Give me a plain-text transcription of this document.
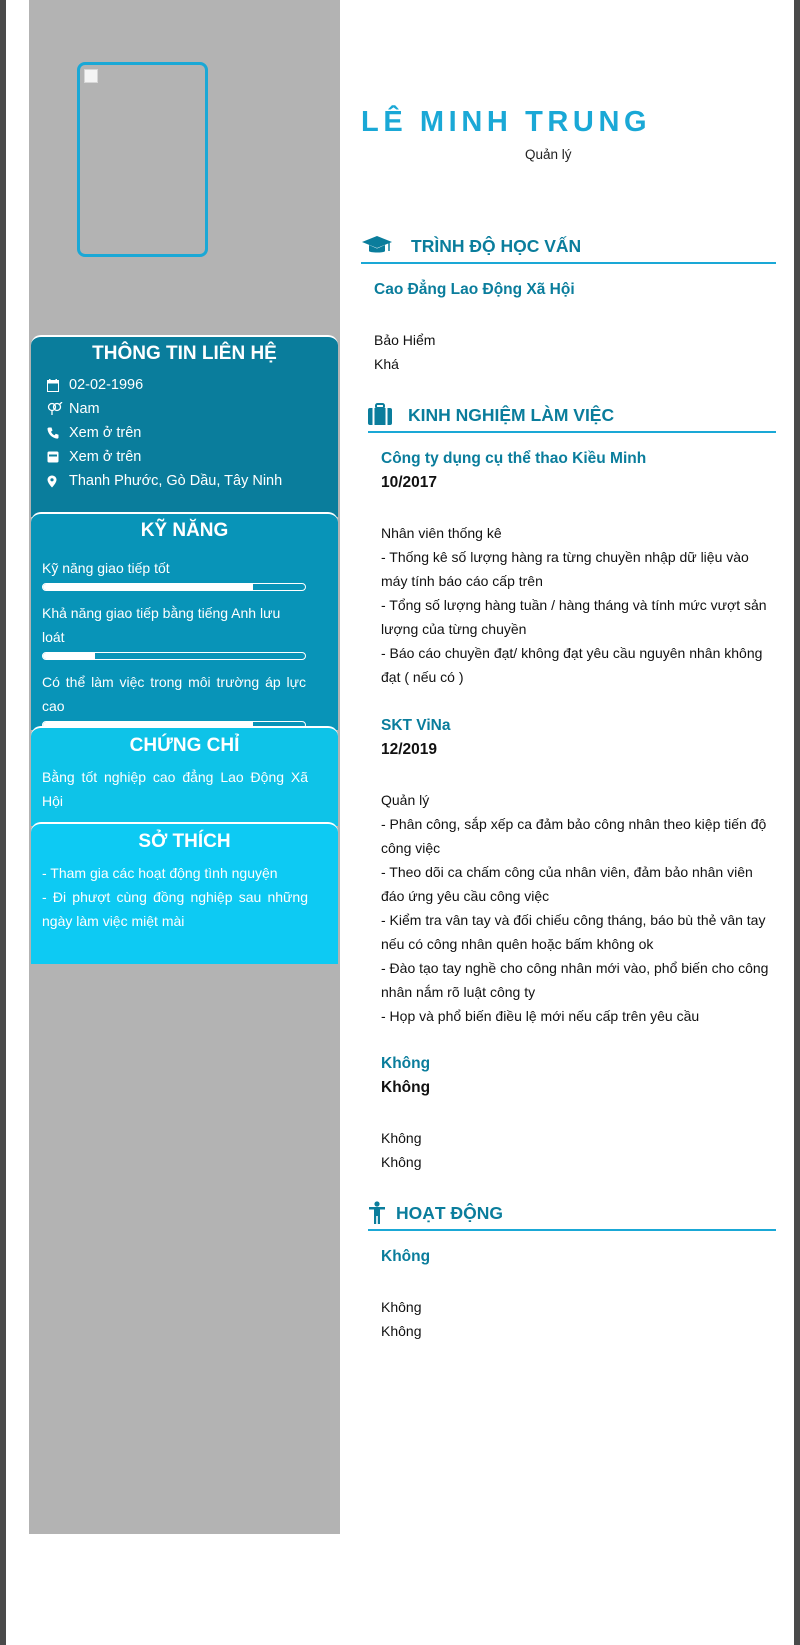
THÔNG TIN LIÊN HỆ
02-02-1996
Nam
Xem ở trên
Xem ở trên
Thanh Phước, Gò Dầu, Tây Ninh
KỸ NĂNG
Kỹ năng giao tiếp tốt
Khả năng giao tiếp bằng tiếng Anh lưu loát
Có thể làm việc trong môi trường áp lực cao
CHỨNG CHỈ
Bằng tốt nghiệp cao đẳng Lao Động Xã Hội
SỞ THÍCH
- Tham gia các hoạt động tình nguyện
- Đi phượt cùng đồng nghiệp sau những ngày làm việc miệt mài
LÊ MINH TRUNG
Quản lý
TRÌNH ĐỘ HỌC VẤN
Cao Đẳng Lao Động Xã Hội
Bảo Hiểm
Khá
KINH NGHIỆM LÀM VIỆC
Công ty dụng cụ thể thao Kiều Minh
10/2017
Nhân viên thống kê
- Thống kê số lượng hàng ra từng chuyền nhập dữ liệu vào máy tính báo cáo cấp trên
- Tổng số lượng hàng tuần / hàng tháng và tính mức vượt sản lượng của từng chuyền
- Báo cáo chuyền đạt/ không đạt yêu cầu nguyên nhân không đạt ( nếu có )
SKT ViNa
12/2019
Quản lý
- Phân công, sắp xếp ca đảm bảo công nhân theo kiệp tiến độ công việc
- Theo dõi ca chấm công của nhân viên, đảm bảo nhân viên đáo ứng yêu cầu công việc
- Kiểm tra vân tay và đối chiếu công tháng, báo bù thẻ vân tay nếu có công nhân quên hoặc bấm không ok
- Đào tạo tay nghề cho công nhân mới vào, phổ biến cho công nhân nắm rõ luật công ty
- Họp và phổ biến điều lệ mới nếu cấp trên yêu cầu
Không
Không
Không
Không
HOẠT ĐỘNG
Không
Không
Không
